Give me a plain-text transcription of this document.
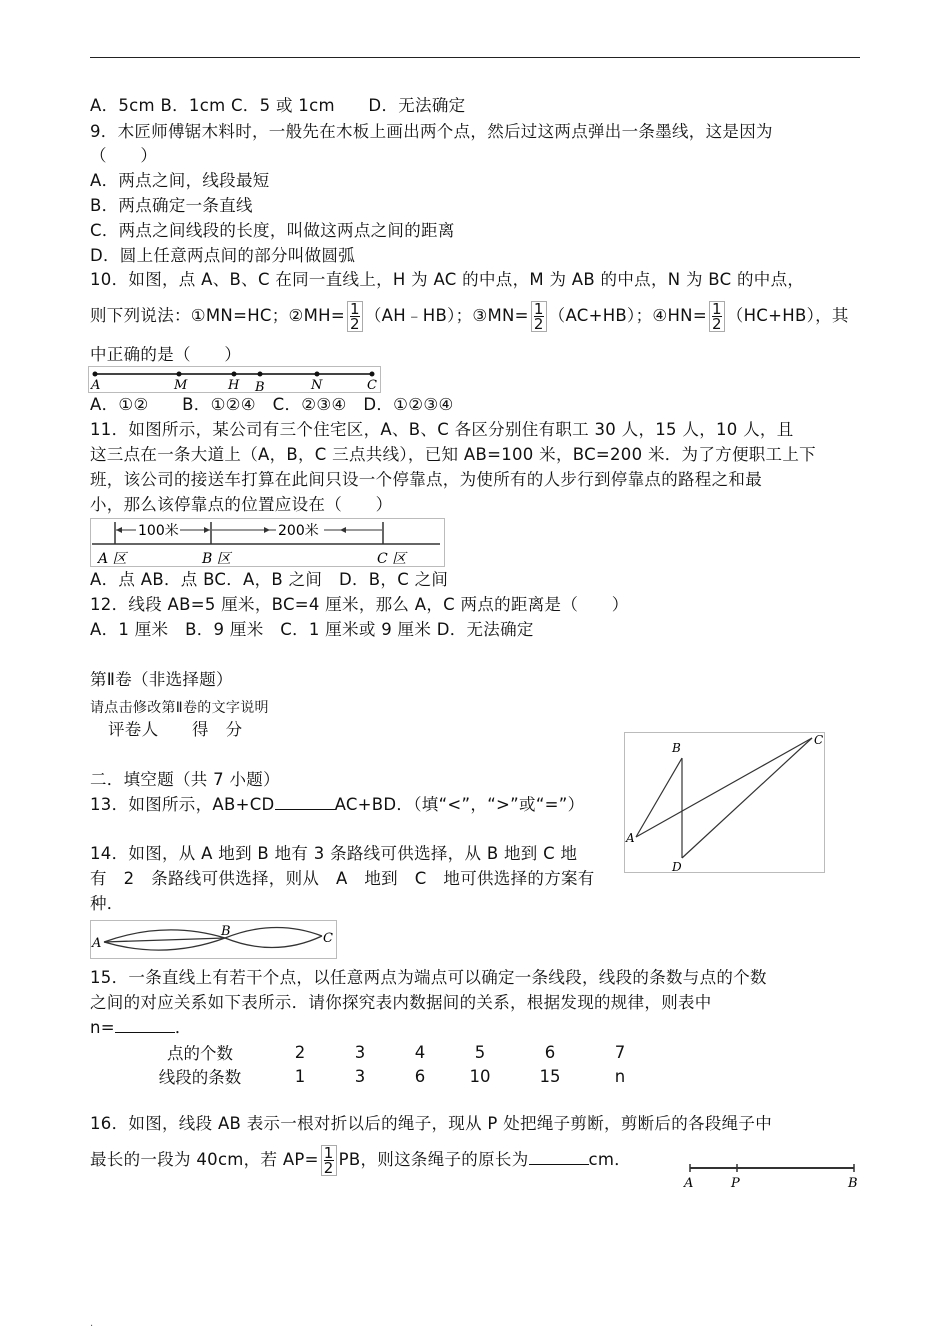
A．5cm B．1cm C．5 或 1cm　　D．无法确定
9．木匠师傅锯木料时，一般先在木板上画出两个点，然后过这两点弹出一条墨线，这是因为
（　　）
A．两点之间，线段最短
B．两点确定一条直线
C．两点之间线段的长度，叫做这两点之间的距离
D．圆上任意两点间的部分叫做圆弧
10．如图，点 A、B、C 在同一直线上，H 为 AC 的中点，M 为 AB 的中点，N 为 BC 的中点，
则下列说法：①MN=HC；②MH= $\frac{1}{2}$ （AH﹣HB）；③MN= $\frac{1}{2} (AC+HB)$；④HN= $\frac{1}{2} (HC+HB)$，其
中正确的是（　　）
A	M	H B	N	C
A．①②　　B．①②④　C．②③④　D．①②③④
11．如图所示，某公司有三个住宅区，A、B、C 各区分别住有职工 30 人，15 人，10 人，且
这三点在一条大道上（A，B，C 三点共线），已知 AB=100 米，BC=200 米．为了方便职工上下
班，该公司的接送车打算在此间只设一个停靠点，为使所有的人步行到停靠点的路程之和最
小，那么该停靠点的位置应设在（　　）
100米	200米
A 区	B 区	C 区
A．点 AB．点 BC．A，B 之间　D．B，C 之间
12．线段 AB=5 厘米，BC=4 厘米，那么 A，C 两点的距离是（　　）
A．1 厘米　B．9 厘米　C．1 厘米或 9 厘米 D．无法确定
第Ⅱ卷（非选择题）
请点击修改第Ⅱ卷的文字说明
评卷人　　得　分
二．填空题（共 7 小题）
13．如图所示，AB+CD	AC+BD．（填“<”，“>”或“=”）
A
B
C
D
14．如图，从 A 地到 B 地有 3 条路线可供选择，从 B 地到 C 地
有　2　条路线可供选择，则从　A　地到　C　地可供选择的方案有
种．
A
B	C
15．一条直线上有若干个点，以任意两点为端点可以确定一条线段，线段的条数与点的个数
之间的对应关系如下表所示．请你探究表内数据间的关系，根据发现的规律，则表中
n=	．
点的个数	2	3	4	5	6	7
线段的条数	1	3	6	10	15	n
16．如图，线段 AB 表示一根对折以后的绳子，现从 P 处把绳子剪断，剪断后的各段绳子中
最长的一段为 40cm，若 $AP= \frac{1}{2}$ PB，则这条绳子的原长为	cm．
A	P	B
.
